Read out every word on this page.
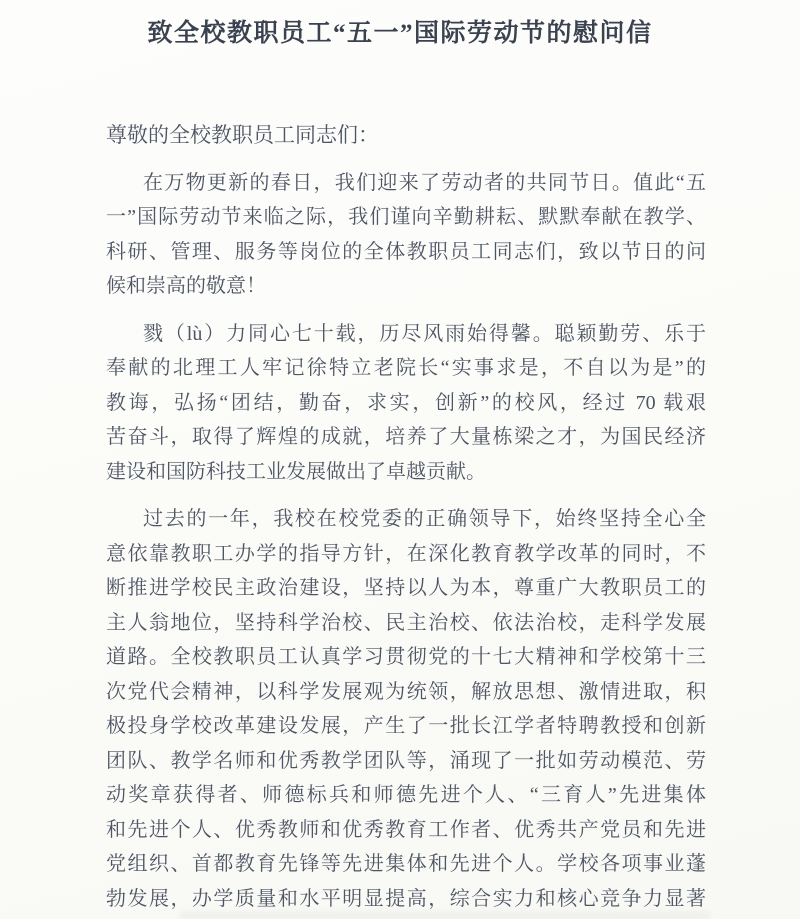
致全校教职员工“五一”国际劳动节的慰问信
尊敬的全校教职员工同志们：
在万物更新的春日，我们迎来了劳动者的共同节日。值此“五
一”国际劳动节来临之际，我们谨向辛勤耕耘、默默奉献在教学、
科研、管理、服务等岗位的全体教职员工同志们，致以节日的问
候和崇高的敬意！
戮（lù）力同心七十载，历尽风雨始得馨。聪颖勤劳、乐于
奉献的北理工人牢记徐特立老院长“实事求是，不自以为是”的
教诲，弘扬“团结，勤奋，求实，创新”的校风，经过 70 载艰
苦奋斗，取得了辉煌的成就，培养了大量栋梁之才，为国民经济
建设和国防科技工业发展做出了卓越贡献。
过去的一年，我校在校党委的正确领导下，始终坚持全心全
意依靠教职工办学的指导方针，在深化教育教学改革的同时，不
断推进学校民主政治建设，坚持以人为本，尊重广大教职员工的
主人翁地位，坚持科学治校、民主治校、依法治校，走科学发展
道路。全校教职员工认真学习贯彻党的十七大精神和学校第十三
次党代会精神，以科学发展观为统领，解放思想、激情进取，积
极投身学校改革建设发展，产生了一批长江学者特聘教授和创新
团队、教学名师和优秀教学团队等，涌现了一批如劳动模范、劳
动奖章获得者、师德标兵和师德先进个人、“三育人”先进集体
和先进个人、优秀教师和优秀教育工作者、优秀共产党员和先进
党组织、首都教育先锋等先进集体和先进个人。学校各项事业蓬
勃发展，办学质量和水平明显提高，综合实力和核心竞争力显著
